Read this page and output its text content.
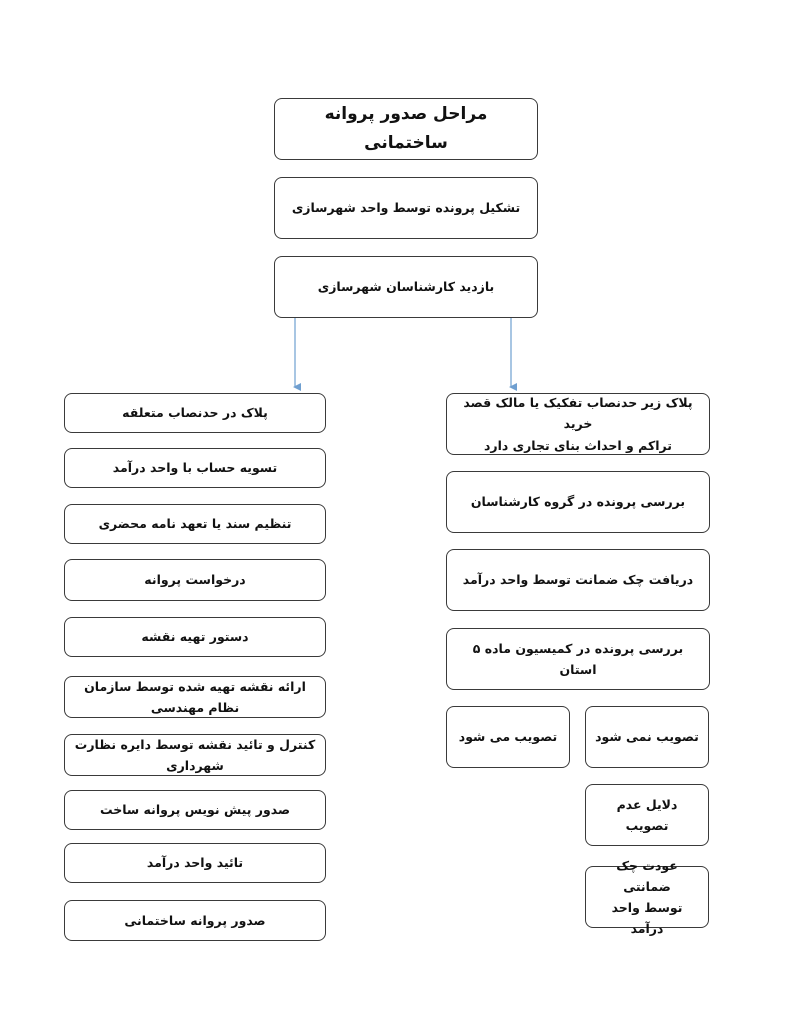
مراحل صدور پروانه ساختمانی
تشکیل پرونده توسط واحد شهرسازی
بازدید کارشناسان شهرسازی
پلاک در حدنصاب متعلقه
تسویه حساب با واحد درآمد
تنظیم سند یا تعهد نامه محضری
درخواست پروانه
دستور تهیه نقشه
ارائه نقشه تهیه شده توسط سازمان نظام مهندسی
کنترل و تائید نقشه توسط دایره نظارت شهرداری
صدور پیش نویس پروانه ساخت
تائید واحد درآمد
صدور پروانه ساختمانی
پلاک زیر حدنصاب تفکیک یا مالک قصد خرید
تراکم و احداث بنای تجاری دارد
بررسی پرونده در گروه کارشناسان
دریافت چک ضمانت توسط واحد درآمد
بررسی پرونده در کمیسیون ماده ۵ استان
تصویب می شود	تصویب نمی شود
دلایل عدم تصویب
عودت چک ضمانتی
توسط واحد درآمد
